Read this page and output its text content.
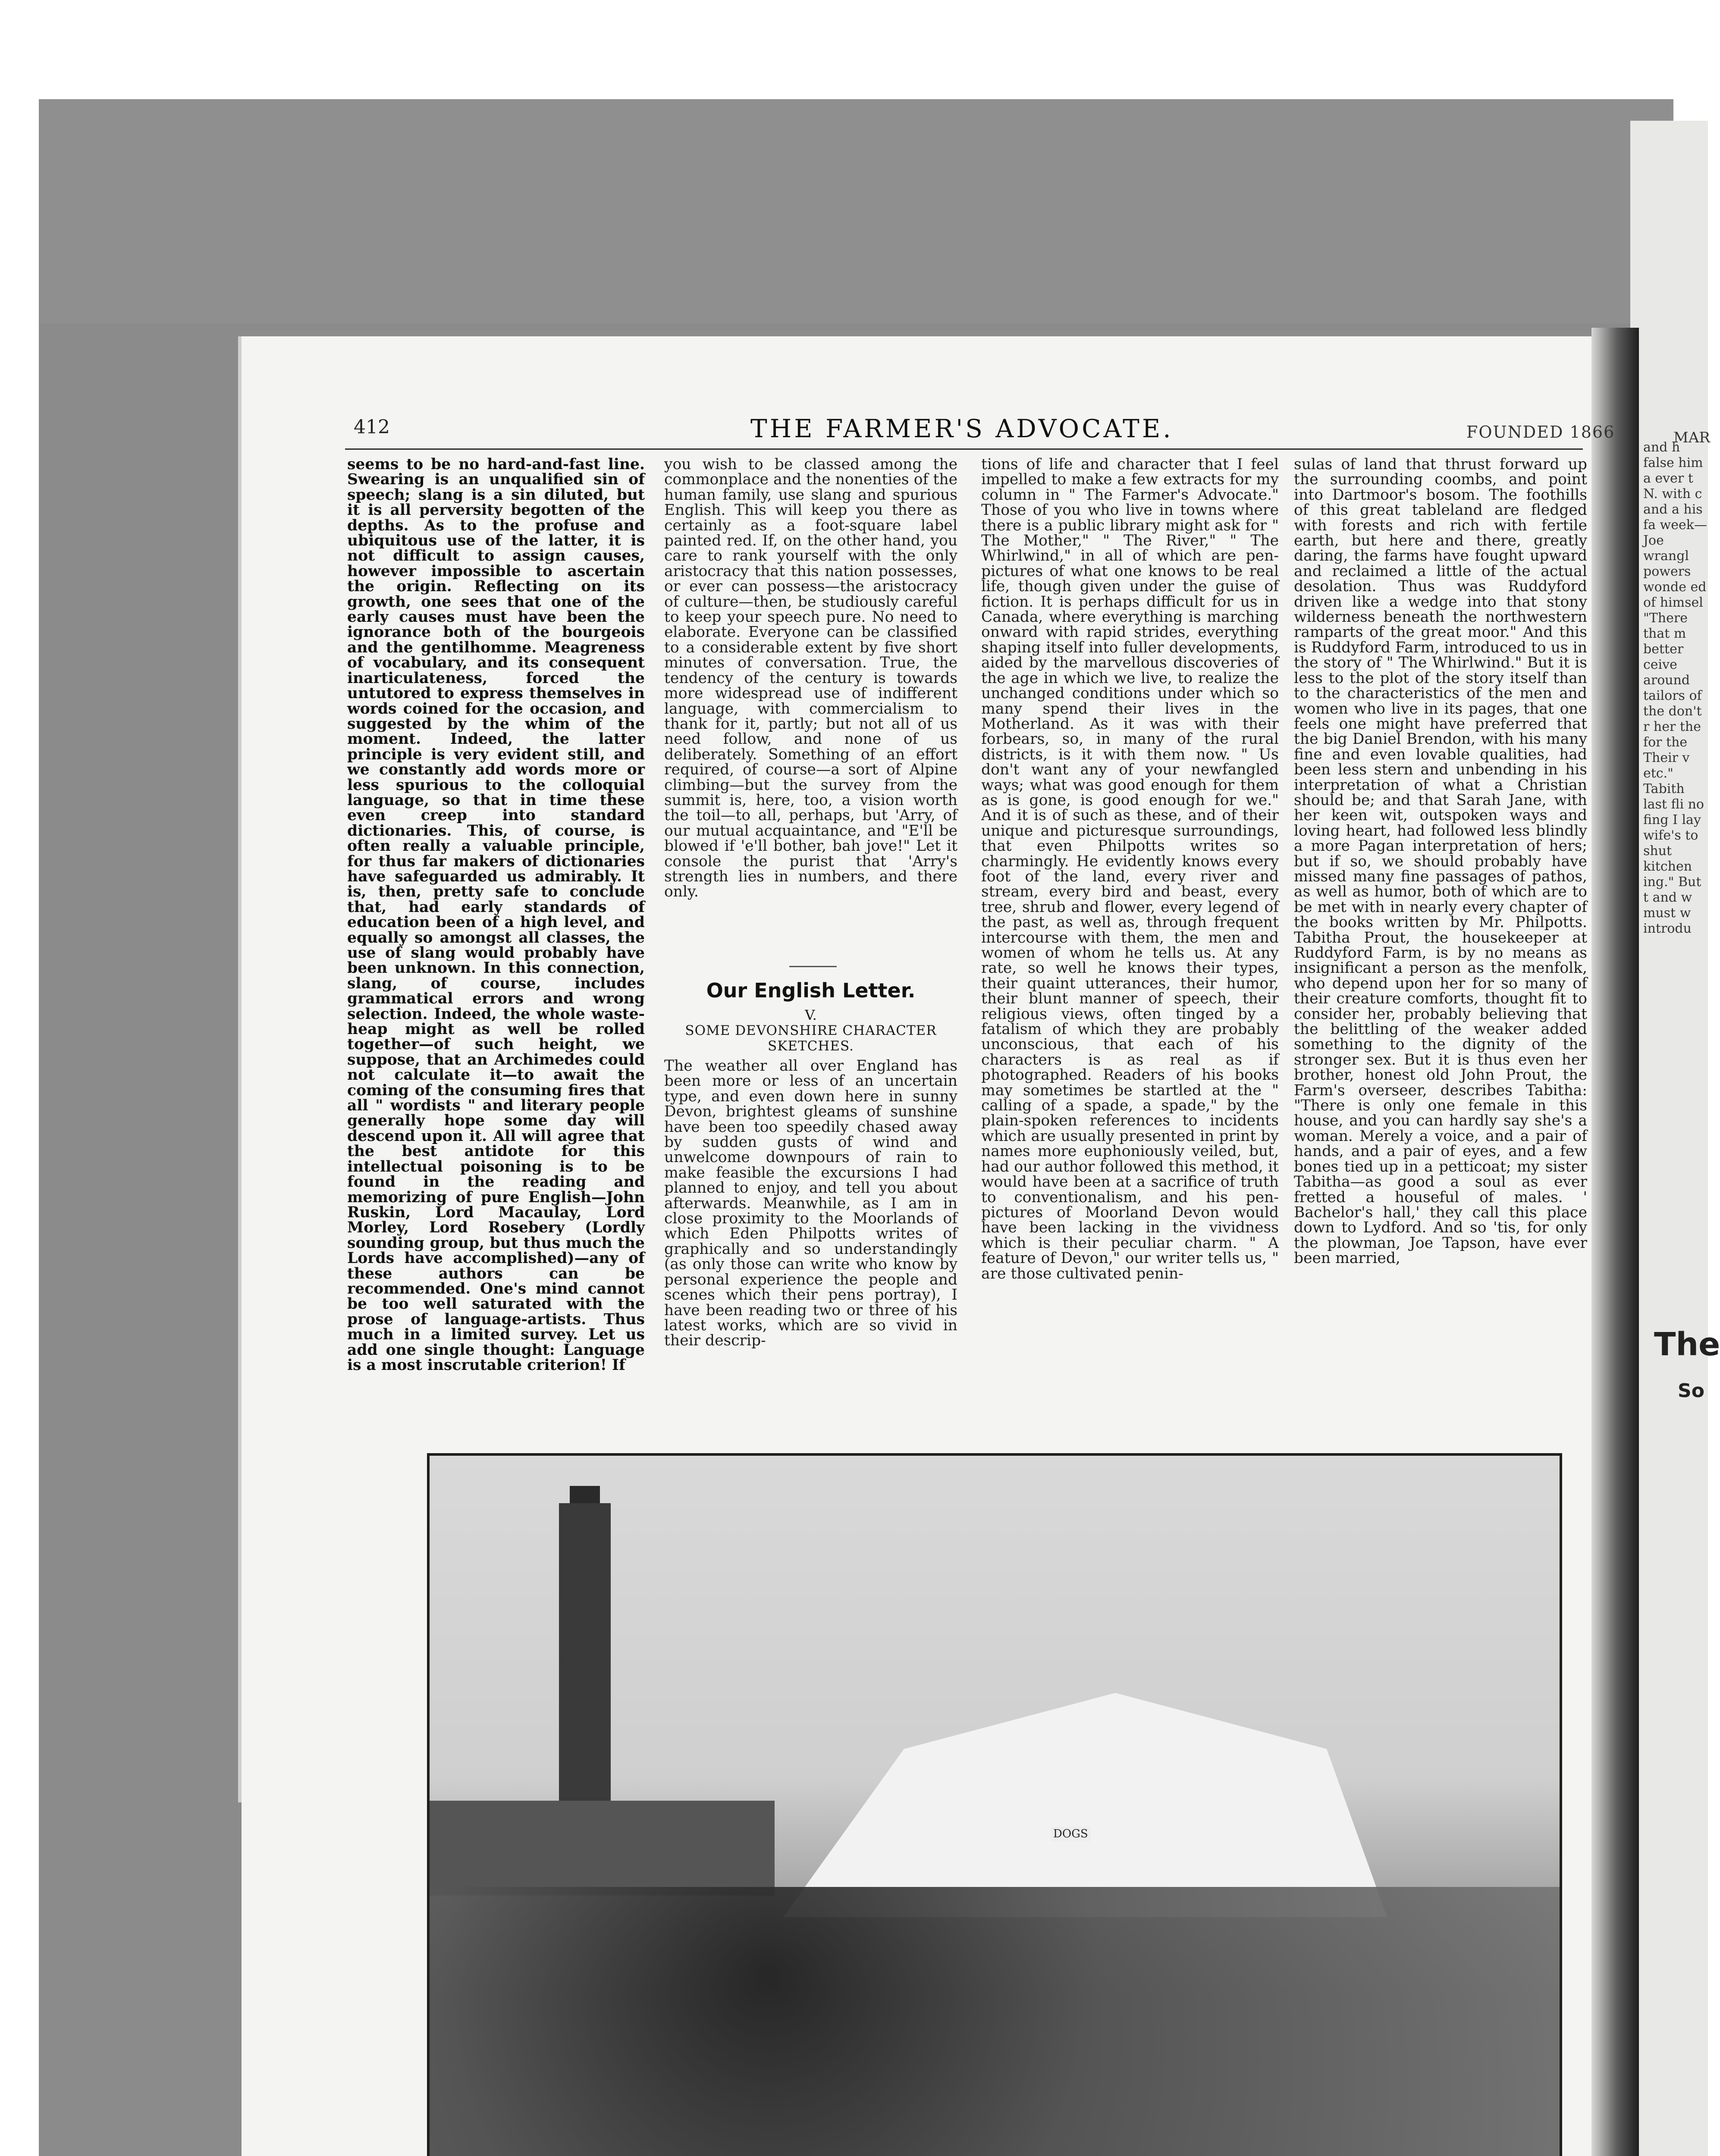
412	THE FARMER'S ADVOCATE.	FOUNDED 1866

seems to be no hard-and-fast line. Swearing is an unqualified sin of speech; slang is a sin diluted, but it is all perversity begotten of the depths. As to the profuse and ubiquitous use of the latter, it is not difficult to assign causes, however impossible to ascertain the origin. Reflecting on its growth, one sees that one of the early causes must have been the ignorance both of the bourgeois and the gentilhomme. Meagreness of vocabulary, and its consequent inarticulateness, forced the untutored to express themselves in words coined for the occasion, and suggested by the whim of the moment. Indeed, the latter principle is very evident still, and we constantly add words more or less spurious to the colloquial language, so that in time these even creep into standard dictionaries. This, of course, is often really a valuable principle, for thus far makers of dictionaries have safeguarded us admirably. It is, then, pretty safe to conclude that, had early standards of education been of a high level, and equally so amongst all classes, the use of slang would probably have been unknown. In this connection, slang, of course, includes grammatical errors and wrong selection. Indeed, the whole waste-heap might as well be rolled together—of such height, we suppose, that an Archimedes could not calculate it—to await the coming of the consuming fires that all " wordists " and literary people generally hope some day will descend upon it. All will agree that the best antidote for this intellectual poisoning is to be found in the reading and memorizing of pure English—John Ruskin, Lord Macaulay, Lord Morley, Lord Rosebery (Lordly sounding group, but thus much the Lords have accomplished)—any of these authors can be recommended. One's mind cannot be too well saturated with the prose of language-artists. Thus much in a limited survey. Let us add one single thought: Language is a most inscrutable criterion! If

you wish to be classed among the commonplace and the nonenties of the human family, use slang and spurious English. This will keep you there as certainly as a foot-square label painted red. If, on the other hand, you care to rank yourself with the only aristocracy that this nation possesses, or ever can possess—the aristocracy of culture—then, be studiously careful to keep your speech pure. No need to elaborate. Everyone can be classified to a considerable extent by five short minutes of conversation. True, the tendency of the century is towards more widespread use of indifferent language, with commercialism to thank for it, partly; but not all of us need follow, and none of us deliberately. Something of an effort required, of course—a sort of Alpine climbing—but the survey from the summit is, here, too, a vision worth the toil—to all, perhaps, but 'Arry, of our mutual acquaintance, and "E'll be blowed if 'e'll bother, bah jove!" Let it console the purist that 'Arry's strength lies in numbers, and there only.

Our English Letter.
V.
SOME DEVONSHIRE CHARACTER SKETCHES.

The weather all over England has been more or less of an uncertain type, and even down here in sunny Devon, brightest gleams of sunshine have been too speedily chased away by sudden gusts of wind and unwelcome downpours of rain to make feasible the excursions I had planned to enjoy, and tell you about afterwards. Meanwhile, as I am in close proximity to the Moorlands of which Eden Philpotts writes of graphically and so understandingly (as only those can write who know by personal experience the people and scenes which their pens portray), I have been reading two or three of his latest works, which are so vivid in their descrip-

tions of life and character that I feel impelled to make a few extracts for my column in " The Farmer's Advocate." Those of you who live in towns where there is a public library might ask for " The Mother," " The River," " The Whirlwind," in all of which are pen-pictures of what one knows to be real life, though given under the guise of fiction. It is perhaps difficult for us in Canada, where everything is marching onward with rapid strides, everything shaping itself into fuller developments, aided by the marvellous discoveries of the age in which we live, to realize the unchanged conditions under which so many spend their lives in the Motherland. As it was with their forbears, so, in many of the rural districts, is it with them now. " Us don't want any of your newfangled ways; what was good enough for them as is gone, is good enough for we." And it is of such as these, and of their unique and picturesque surroundings, that even Philpotts writes so charmingly. He evidently knows every foot of the land, every river and stream, every bird and beast, every tree, shrub and flower, every legend of the past, as well as, through frequent intercourse with them, the men and women of whom he tells us. At any rate, so well he knows their types, their quaint utterances, their humor, their blunt manner of speech, their religious views, often tinged by a fatalism of which they are probably unconscious, that each of his characters is as real as if photographed. Readers of his books may sometimes be startled at the " calling of a spade, a spade," by the plain-spoken references to incidents which are usually presented in print by names more euphoniously veiled, but, had our author followed this method, it would have been at a sacrifice of truth to conventionalism, and his pen-pictures of Moorland Devon would have been lacking in the vividness which is their peculiar charm. " A feature of Devon," our writer tells us, " are those cultivated penin-

sulas of land that thrust forward up the surrounding coombs, and point into Dartmoor's bosom. The foothills of this great tableland are fledged with forests and rich with fertile earth, but here and there, greatly daring, the farms have fought upward and reclaimed a little of the actual desolation. Thus was Ruddyford driven like a wedge into that stony wilderness beneath the northwestern ramparts of the great moor." And this is Ruddyford Farm, introduced to us in the story of " The Whirlwind." But it is less to the plot of the story itself than to the characteristics of the men and women who live in its pages, that one feels one might have preferred that the big Daniel Brendon, with his many fine and even lovable qualities, had been less stern and unbending in his interpretation of what a Christian should be; and that Sarah Jane, with her keen wit, outspoken ways and loving heart, had followed less blindly a more Pagan interpretation of hers; but if so, we should probably have missed many fine passages of pathos, as well as humor, both of which are to be met with in nearly every chapter of the books written by Mr. Philpotts. Tabitha Prout, the housekeeper at Ruddyford Farm, is by no means as insignificant a person as the menfolk, who depend upon her for so many of their creature comforts, thought fit to consider her, probably believing that the belittling of the weaker added something to the dignity of the stronger sex. But it is thus even her brother, honest old John Prout, the Farm's overseer, describes Tabitha: "There is only one female in this house, and you can hardly say she's a woman. Merely a voice, and a pair of hands, and a pair of eyes, and a few bones tied up in a petticoat; my sister Tabitha—as good a soul as ever fretted a houseful of males. ' Bachelor's hall,' they call this place down to Lydford. And so 'tis, for only the plowman, Joe Tapson, have ever been married,

DOGS
MAR
and h false him a ever t N. with c and a his fa week— Joe wrangl powers wonde ed of himsel "There that m better ceive around tailors of the don't r her the for the Their v etc." Tabith last fli no fing I lay wife's to shut kitchen ing." But t and w must w introdu
The
So
